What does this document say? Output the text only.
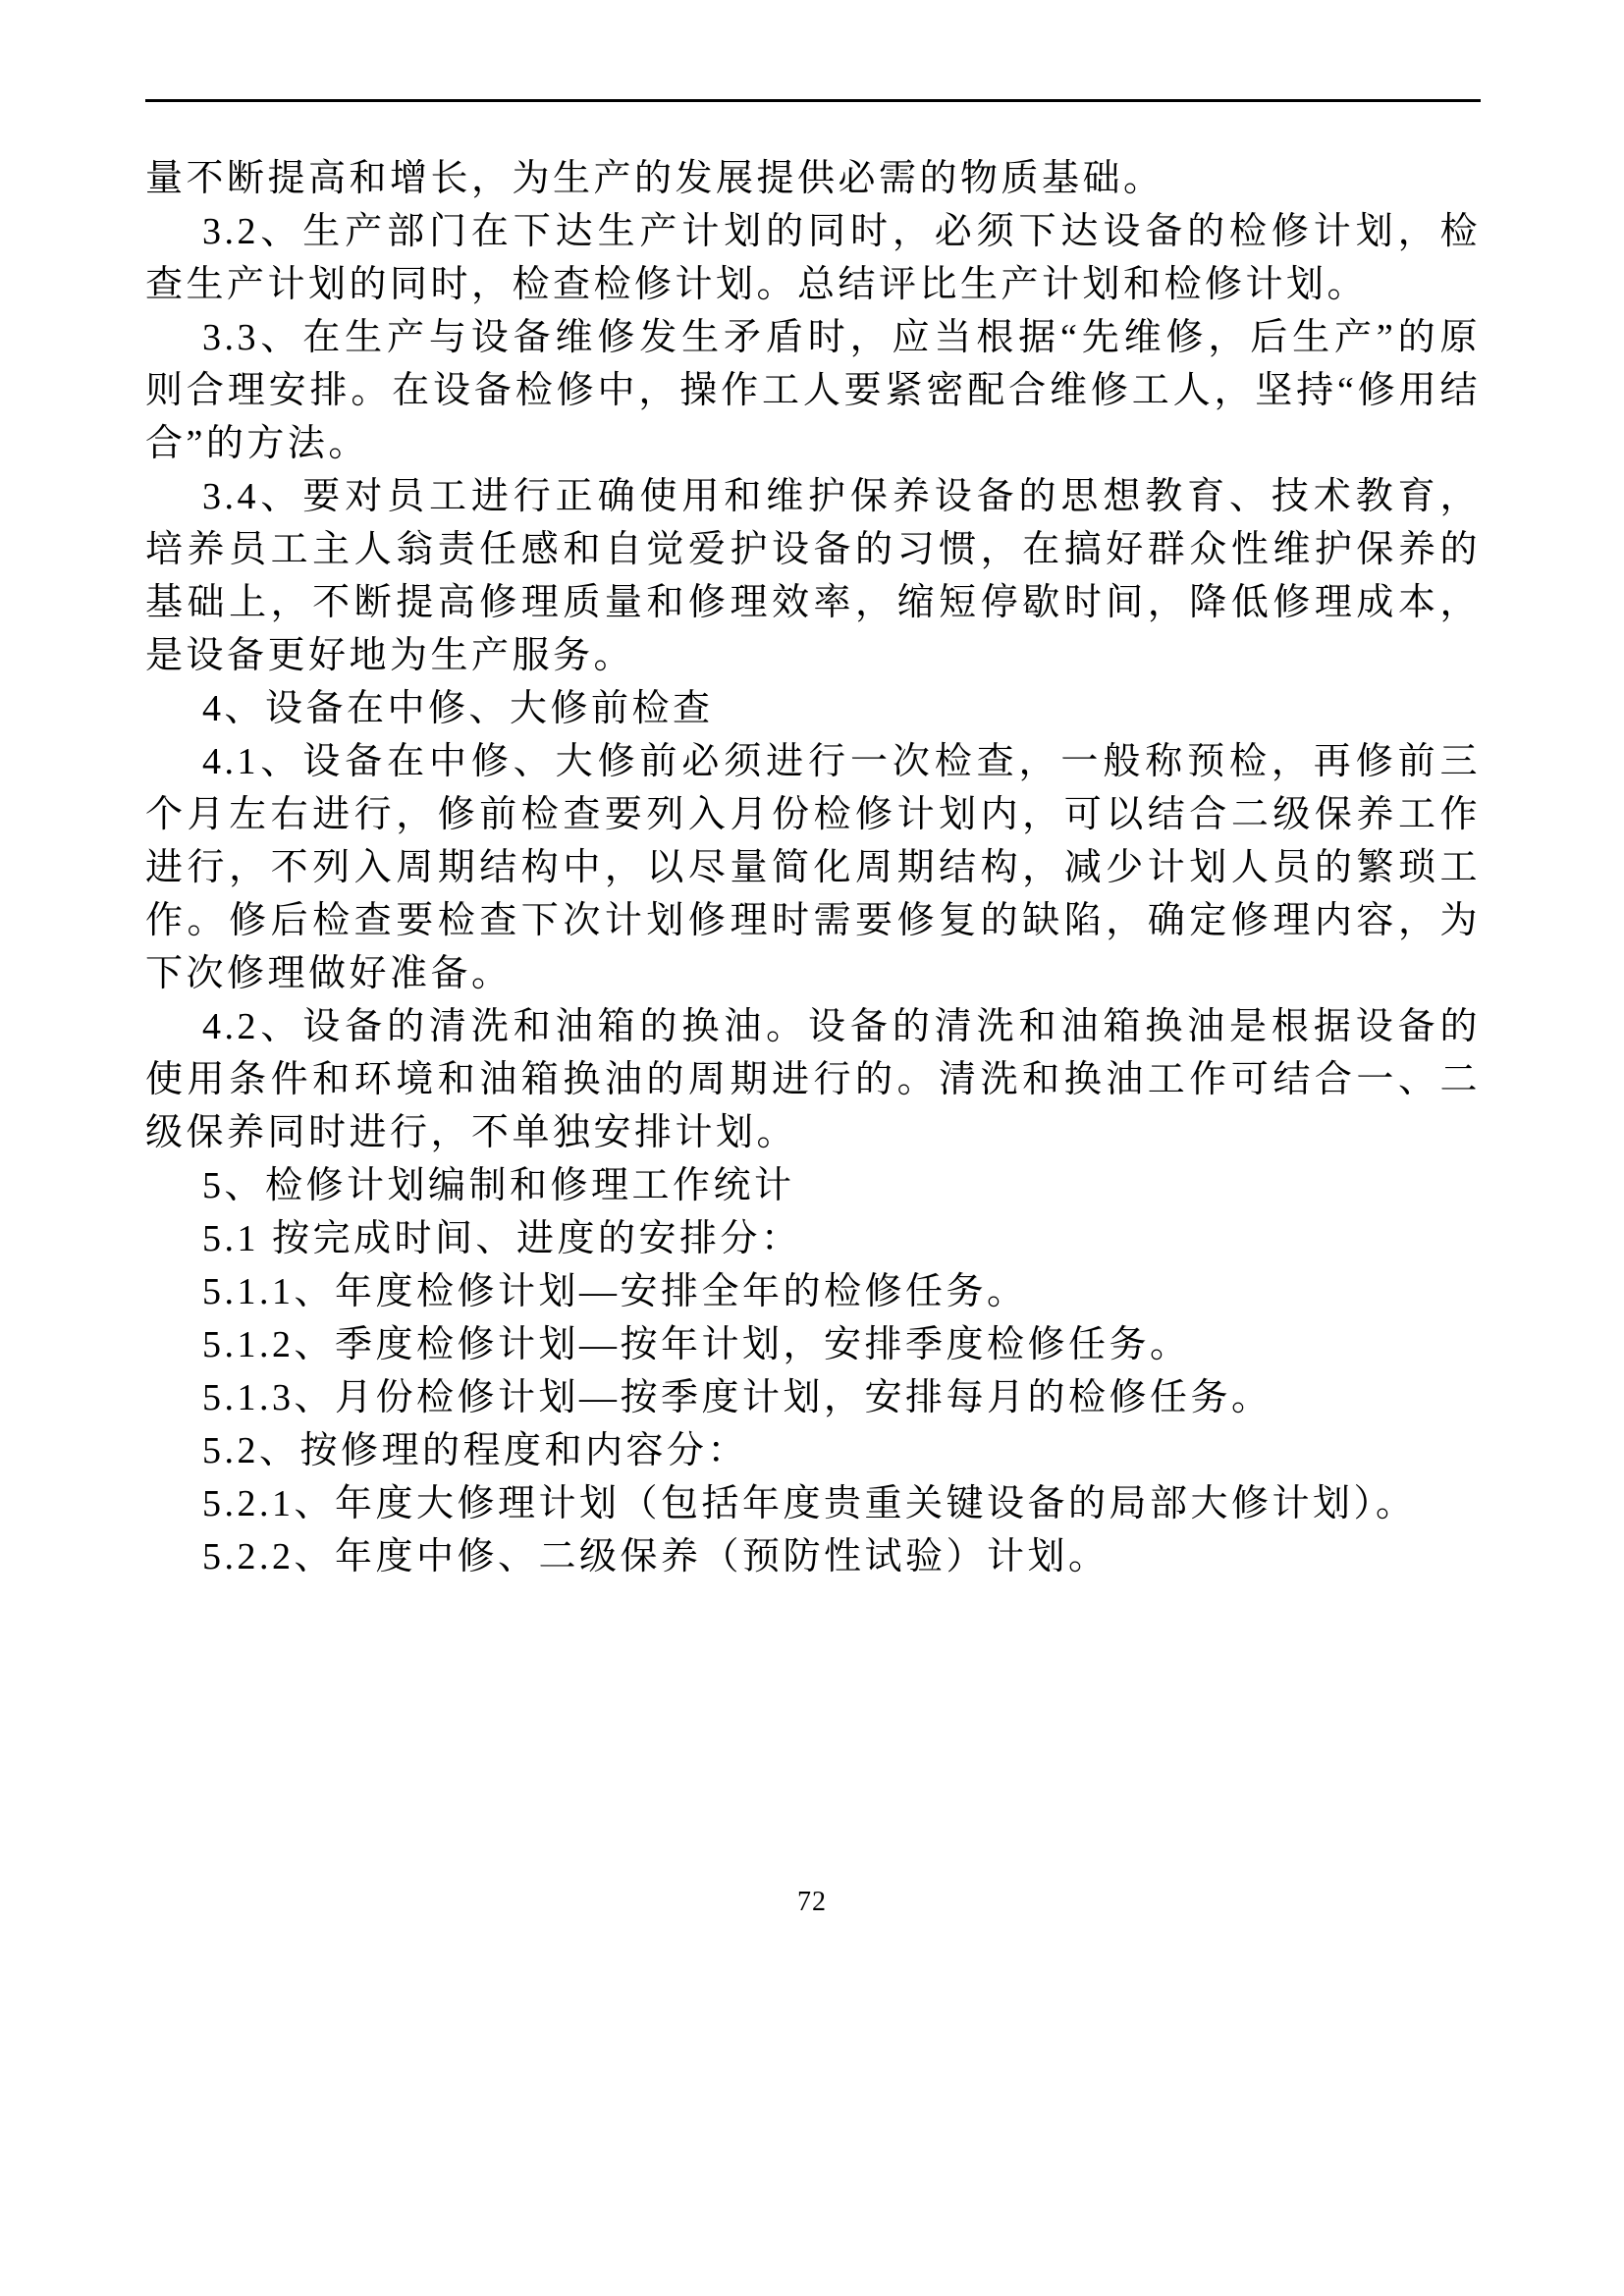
量不断提高和增长，为生产的发展提供必需的物质基础。

3.2、生产部门在下达生产计划的同时，必须下达设备的检修计划，检查生产计划的同时，检查检修计划。总结评比生产计划和检修计划。

3.3、在生产与设备维修发生矛盾时，应当根据“先维修，后生产”的原则合理安排。在设备检修中，操作工人要紧密配合维修工人，坚持“修用结合”的方法。

3.4、要对员工进行正确使用和维护保养设备的思想教育、技术教育，培养员工主人翁责任感和自觉爱护设备的习惯，在搞好群众性维护保养的基础上，不断提高修理质量和修理效率，缩短停歇时间，降低修理成本，是设备更好地为生产服务。

4、设备在中修、大修前检查

4.1、设备在中修、大修前必须进行一次检查，一般称预检，再修前三个月左右进行，修前检查要列入月份检修计划内，可以结合二级保养工作进行，不列入周期结构中，以尽量简化周期结构，减少计划人员的繁琐工作。修后检查要检查下次计划修理时需要修复的缺陷，确定修理内容，为下次修理做好准备。

4.2、设备的清洗和油箱的换油。设备的清洗和油箱换油是根据设备的使用条件和环境和油箱换油的周期进行的。清洗和换油工作可结合一、二级保养同时进行，不单独安排计划。

5、检修计划编制和修理工作统计

5.1 按完成时间、进度的安排分：

5.1.1、年度检修计划—安排全年的检修任务。

5.1.2、季度检修计划—按年计划，安排季度检修任务。

5.1.3、月份检修计划—按季度计划，安排每月的检修任务。

5.2、按修理的程度和内容分：

5.2.1、年度大修理计划（包括年度贵重关键设备的局部大修计划）。

5.2.2、年度中修、二级保养（预防性试验）计划。

72
